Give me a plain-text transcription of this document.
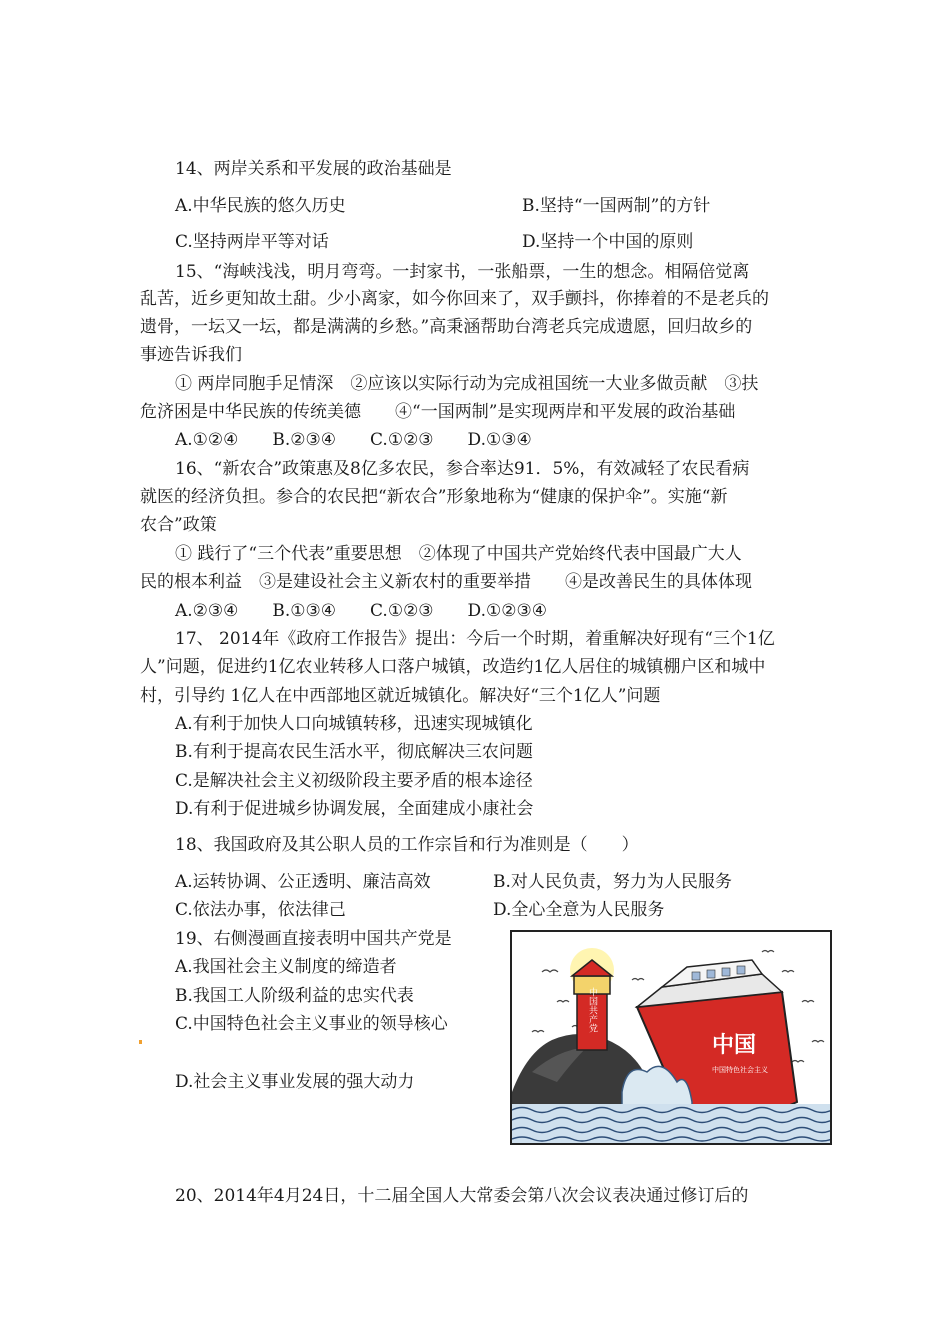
14、两岸关系和平发展的政治基础是
A.中华民族的悠久历史	B.坚持“一国两制”的方针
C.坚持两岸平等对话	D.坚持一个中国的原则
15、“海峡浅浅，明月弯弯。一封家书，一张船票，一生的想念。相隔倍觉离
乱苦，近乡更知故土甜。少小离家，如今你回来了，双手颤抖，你捧着的不是老兵的
遗骨，一坛又一坛，都是满满的乡愁。”高秉涵帮助台湾老兵完成遗愿，回归故乡的
事迹告诉我们
① 两岸同胞手足情深　②应该以实际行动为完成祖国统一大业多做贡献　③扶
危济困是中华民族的传统美德　　④“一国两制”是实现两岸和平发展的政治基础
A.①②④　　B.②③④　　C.①②③　　D.①③④
16、“新农合”政策惠及8亿多农民，参合率达91．5%，有效减轻了农民看病
就医的经济负担。参合的农民把“新农合”形象地称为“健康的保护伞”。实施“新
农合”政策
① 践行了“三个代表”重要思想　②体现了中国共产党始终代表中国最广大人
民的根本利益　③是建设社会主义新农村的重要举措　　④是改善民生的具体体现
A.②③④　　B.①③④　　C.①②③　　D.①②③④
17、 2014年《政府工作报告》提出：今后一个时期，着重解决好现有“三个1亿
人”问题，促进约1亿农业转移人口落户城镇，改造约1亿人居住的城镇棚户区和城中
村，引导约 1亿人在中西部地区就近城镇化。解决好“三个1亿人”问题
A.有利于加快人口向城镇转移，迅速实现城镇化
B.有利于提高农民生活水平，彻底解决三农问题
C.是解决社会主义初级阶段主要矛盾的根本途径
D.有利于促进城乡协调发展，全面建成小康社会
18、我国政府及其公职人员的工作宗旨和行为准则是（　　）
A.运转协调、公正透明、廉洁高效	B.对人民负责，努力为人民服务
C.依法办事，依法律己	D.全心全意为人民服务
19、右侧漫画直接表明中国共产党是
A.我国社会主义制度的缔造者
B.我国工人阶级利益的忠实代表
C.中国特色社会主义事业的领导核心
D.社会主义事业发展的强大动力
中国共产党
中国
中国特色社会主义
20、2014年4月24日，十二届全国人大常委会第八次会议表决通过修订后的
